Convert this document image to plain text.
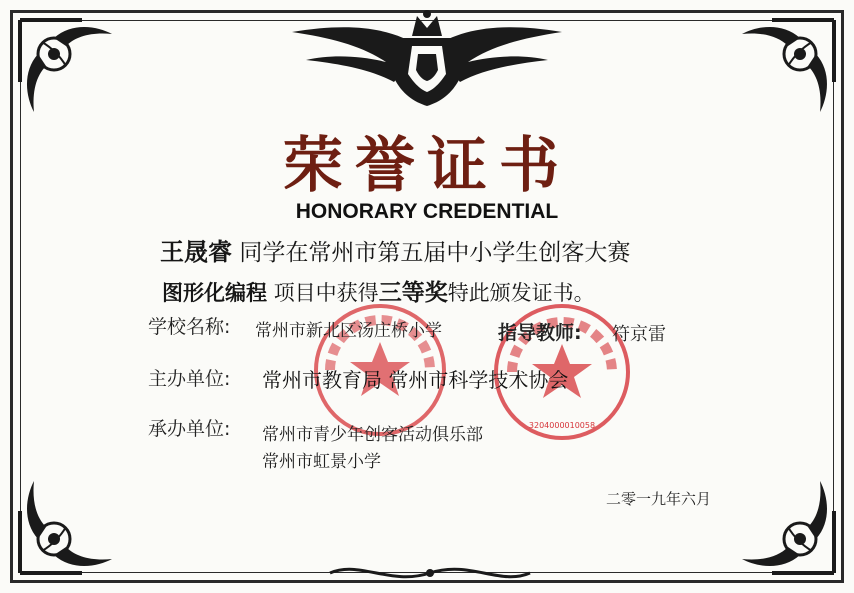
3204000010058
荣誉证书
HONORARY CREDENTIAL
王晟睿 同学在常州市第五届中小学生创客大赛
图形化编程 项目中获得三等奖特此颁发证书。
学校名称: 常州市新北区汤庄桥小学	指导教师: 符京雷
主办单位: 常州市教育局 常州市科学技术协会
承办单位: 常州市青少年创客活动俱乐部
常州市虹景小学
二零一九年六月
